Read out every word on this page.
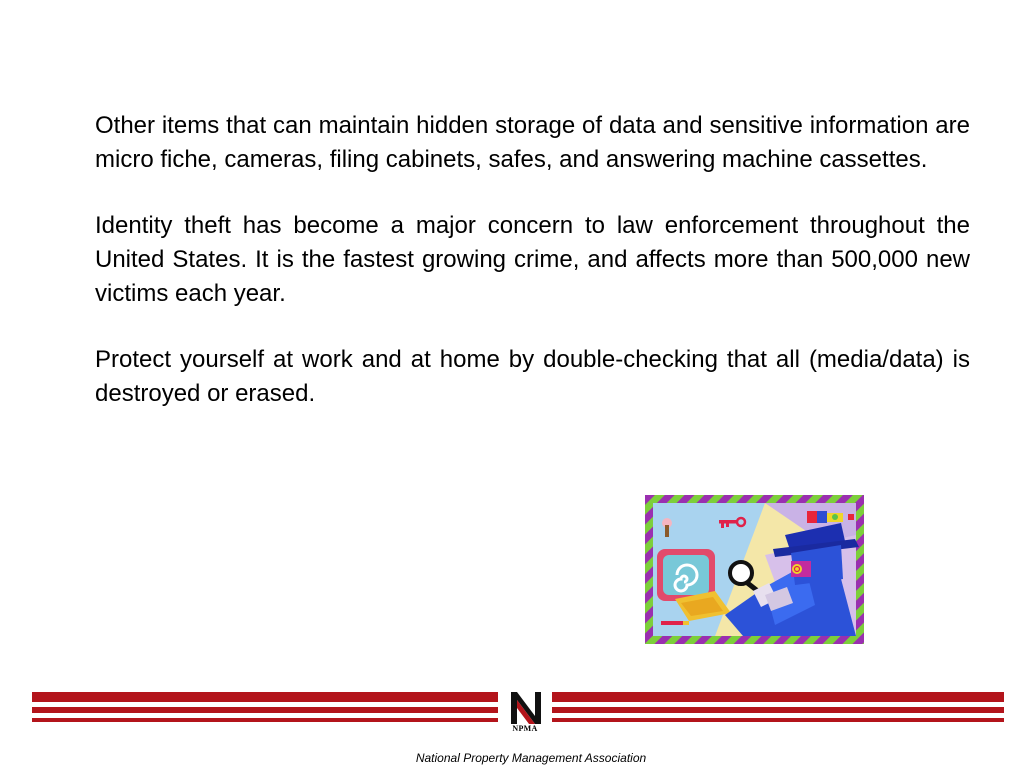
Other items that can maintain hidden storage of data and sensitive information are micro fiche, cameras, filing cabinets, safes, and answering machine cassettes.

Identity theft has become a major concern to law enforcement throughout the United States. It is the fastest growing crime, and affects more than 500,000 new victims each year.

Protect yourself at work and at home by double-checking that all (media/data) is destroyed or erased.

NPMA
National Property Management Association
